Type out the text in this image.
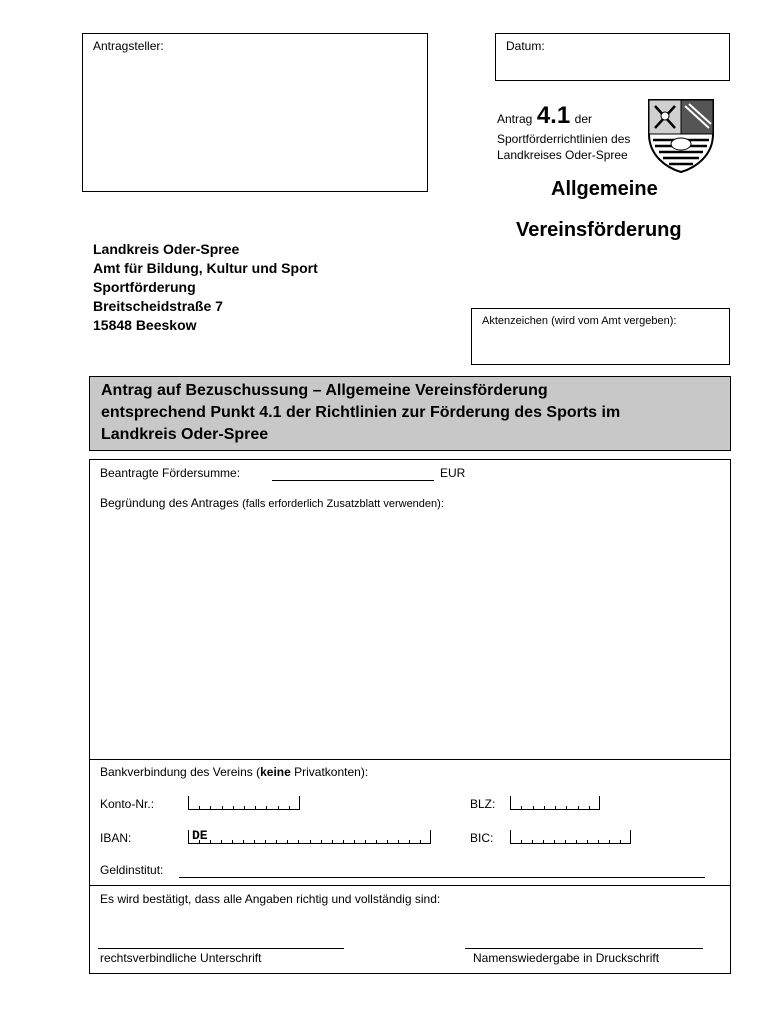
Antragsteller:	Datum:
Antrag 4.1 der
Sportförderrichtlinien des
Landkreises Oder-Spree
Allgemeine
Vereinsförderung
Landkreis Oder-Spree
Amt für Bildung, Kultur und Sport
Sportförderung
Breitscheidstraße 7
15848 Beeskow	Aktenzeichen (wird vom Amt vergeben):
Antrag auf Bezuschussung – Allgemeine Vereinsförderung
entsprechend Punkt 4.1 der Richtlinien zur Förderung des Sports im
Landkreis Oder-Spree
Beantragte Fördersumme:	EUR
Begründung des Antrages (falls erforderlich Zusatzblatt verwenden):
Bankverbindung des Vereins (keine Privatkonten):
Konto-Nr.:	BLZ:
IBAN:	DE	BIC:
Geldinstitut:
Es wird bestätigt, dass alle Angaben richtig und vollständig sind:
rechtsverbindliche Unterschrift	Namenswiedergabe in Druckschrift
